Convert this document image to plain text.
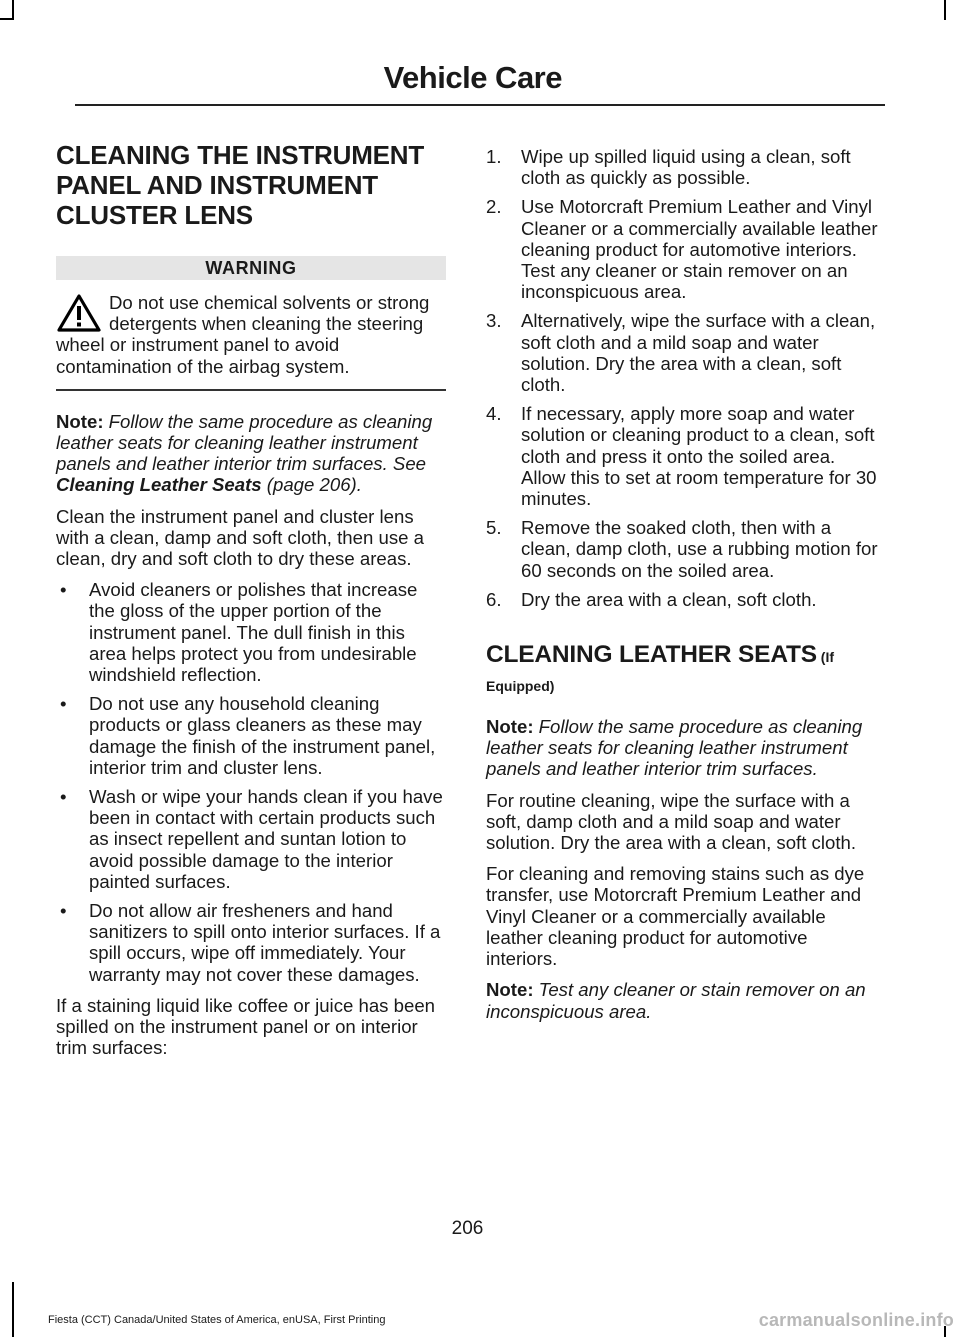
Vehicle Care
CLEANING THE INSTRUMENT
PANEL AND INSTRUMENT
CLUSTER LENS
WARNING
Do not use chemical solvents or strong detergents when cleaning the steering wheel or instrument panel to avoid contamination of the airbag system.

Note: Follow the same procedure as cleaning leather seats for cleaning leather instrument panels and leather interior trim surfaces. See Cleaning Leather Seats (page 206).

Clean the instrument panel and cluster lens with a clean, damp and soft cloth, then use a clean, dry and soft cloth to dry these areas.

• Avoid cleaners or polishes that increase the gloss of the upper portion of the instrument panel. The dull finish in this area helps protect you from undesirable windshield reflection.
• Do not use any household cleaning products or glass cleaners as these may damage the finish of the instrument panel, interior trim and cluster lens.
• Wash or wipe your hands clean if you have been in contact with certain products such as insect repellent and suntan lotion to avoid possible damage to the interior painted surfaces.
• Do not allow air fresheners and hand sanitizers to spill onto interior surfaces. If a spill occurs, wipe off immediately. Your warranty may not cover these damages.

If a staining liquid like coffee or juice has been spilled on the instrument panel or on interior trim surfaces:

1. Wipe up spilled liquid using a clean, soft cloth as quickly as possible.
2. Use Motorcraft Premium Leather and Vinyl Cleaner or a commercially available leather cleaning product for automotive interiors. Test any cleaner or stain remover on an inconspicuous area.
3. Alternatively, wipe the surface with a clean, soft cloth and a mild soap and water solution. Dry the area with a clean, soft cloth.
4. If necessary, apply more soap and water solution or cleaning product to a clean, soft cloth and press it onto the soiled area. Allow this to set at room temperature for 30 minutes.
5. Remove the soaked cloth, then with a clean, damp cloth, use a rubbing motion for 60 seconds on the soiled area.
6. Dry the area with a clean, soft cloth.
CLEANING LEATHER SEATS (If
Equipped)

Note: Follow the same procedure as cleaning leather seats for cleaning leather instrument panels and leather interior trim surfaces.

For routine cleaning, wipe the surface with a soft, damp cloth and a mild soap and water solution. Dry the area with a clean, soft cloth.

For cleaning and removing stains such as dye transfer, use Motorcraft Premium Leather and Vinyl Cleaner or a commercially available leather cleaning product for automotive interiors.

Note: Test any cleaner or stain remover on an inconspicuous area.

206
Fiesta (CCT) Canada/United States of America, enUSA, First Printing	carmanualsonline.info
